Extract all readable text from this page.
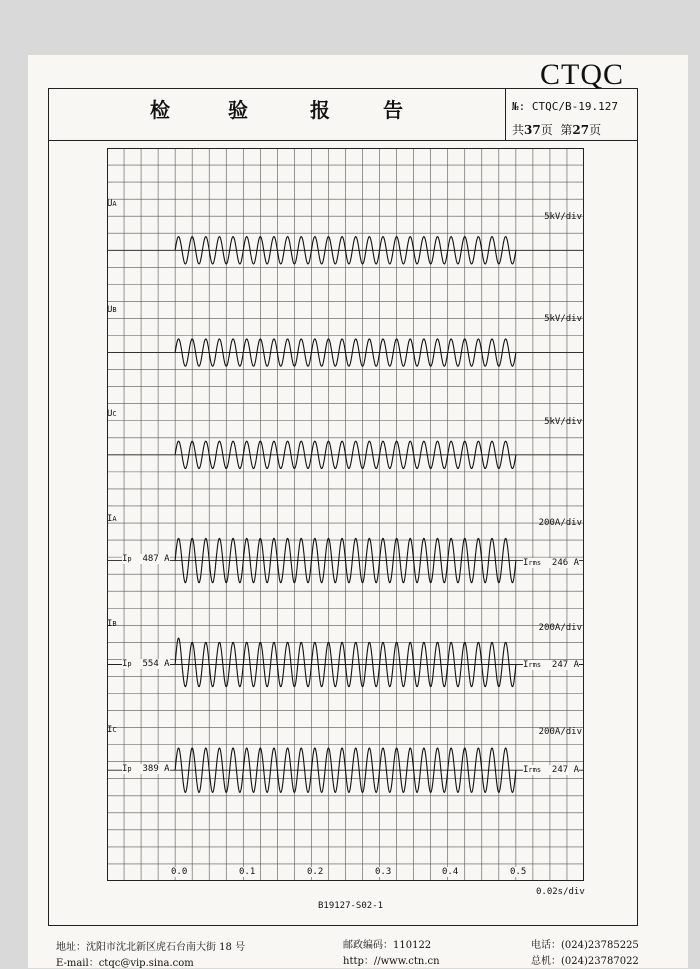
CTQC
检	验	报	告	№: CTQC/B-19.127
共37页 第27页
UA
UB
UC
IA
IB
IC
5kV/div
5kV/div
5kV/div
200A/div
200A/div
200A/div
Ip 487 A
Ip 554 A
Ip 389 A
Irms 246 A
Irms 247 A
Irms 247 A
0.0	0.1	0.2	0.3	0.4	0.5
0.02s/div
B19127-S02-1
地址：沈阳市沈北新区虎石台南大街 18 号
E-mail：ctqc@vip.sina.com
邮政编码：110122
http：//www.ctn.cn
电话：(024)23785225
总机：(024)23787022
